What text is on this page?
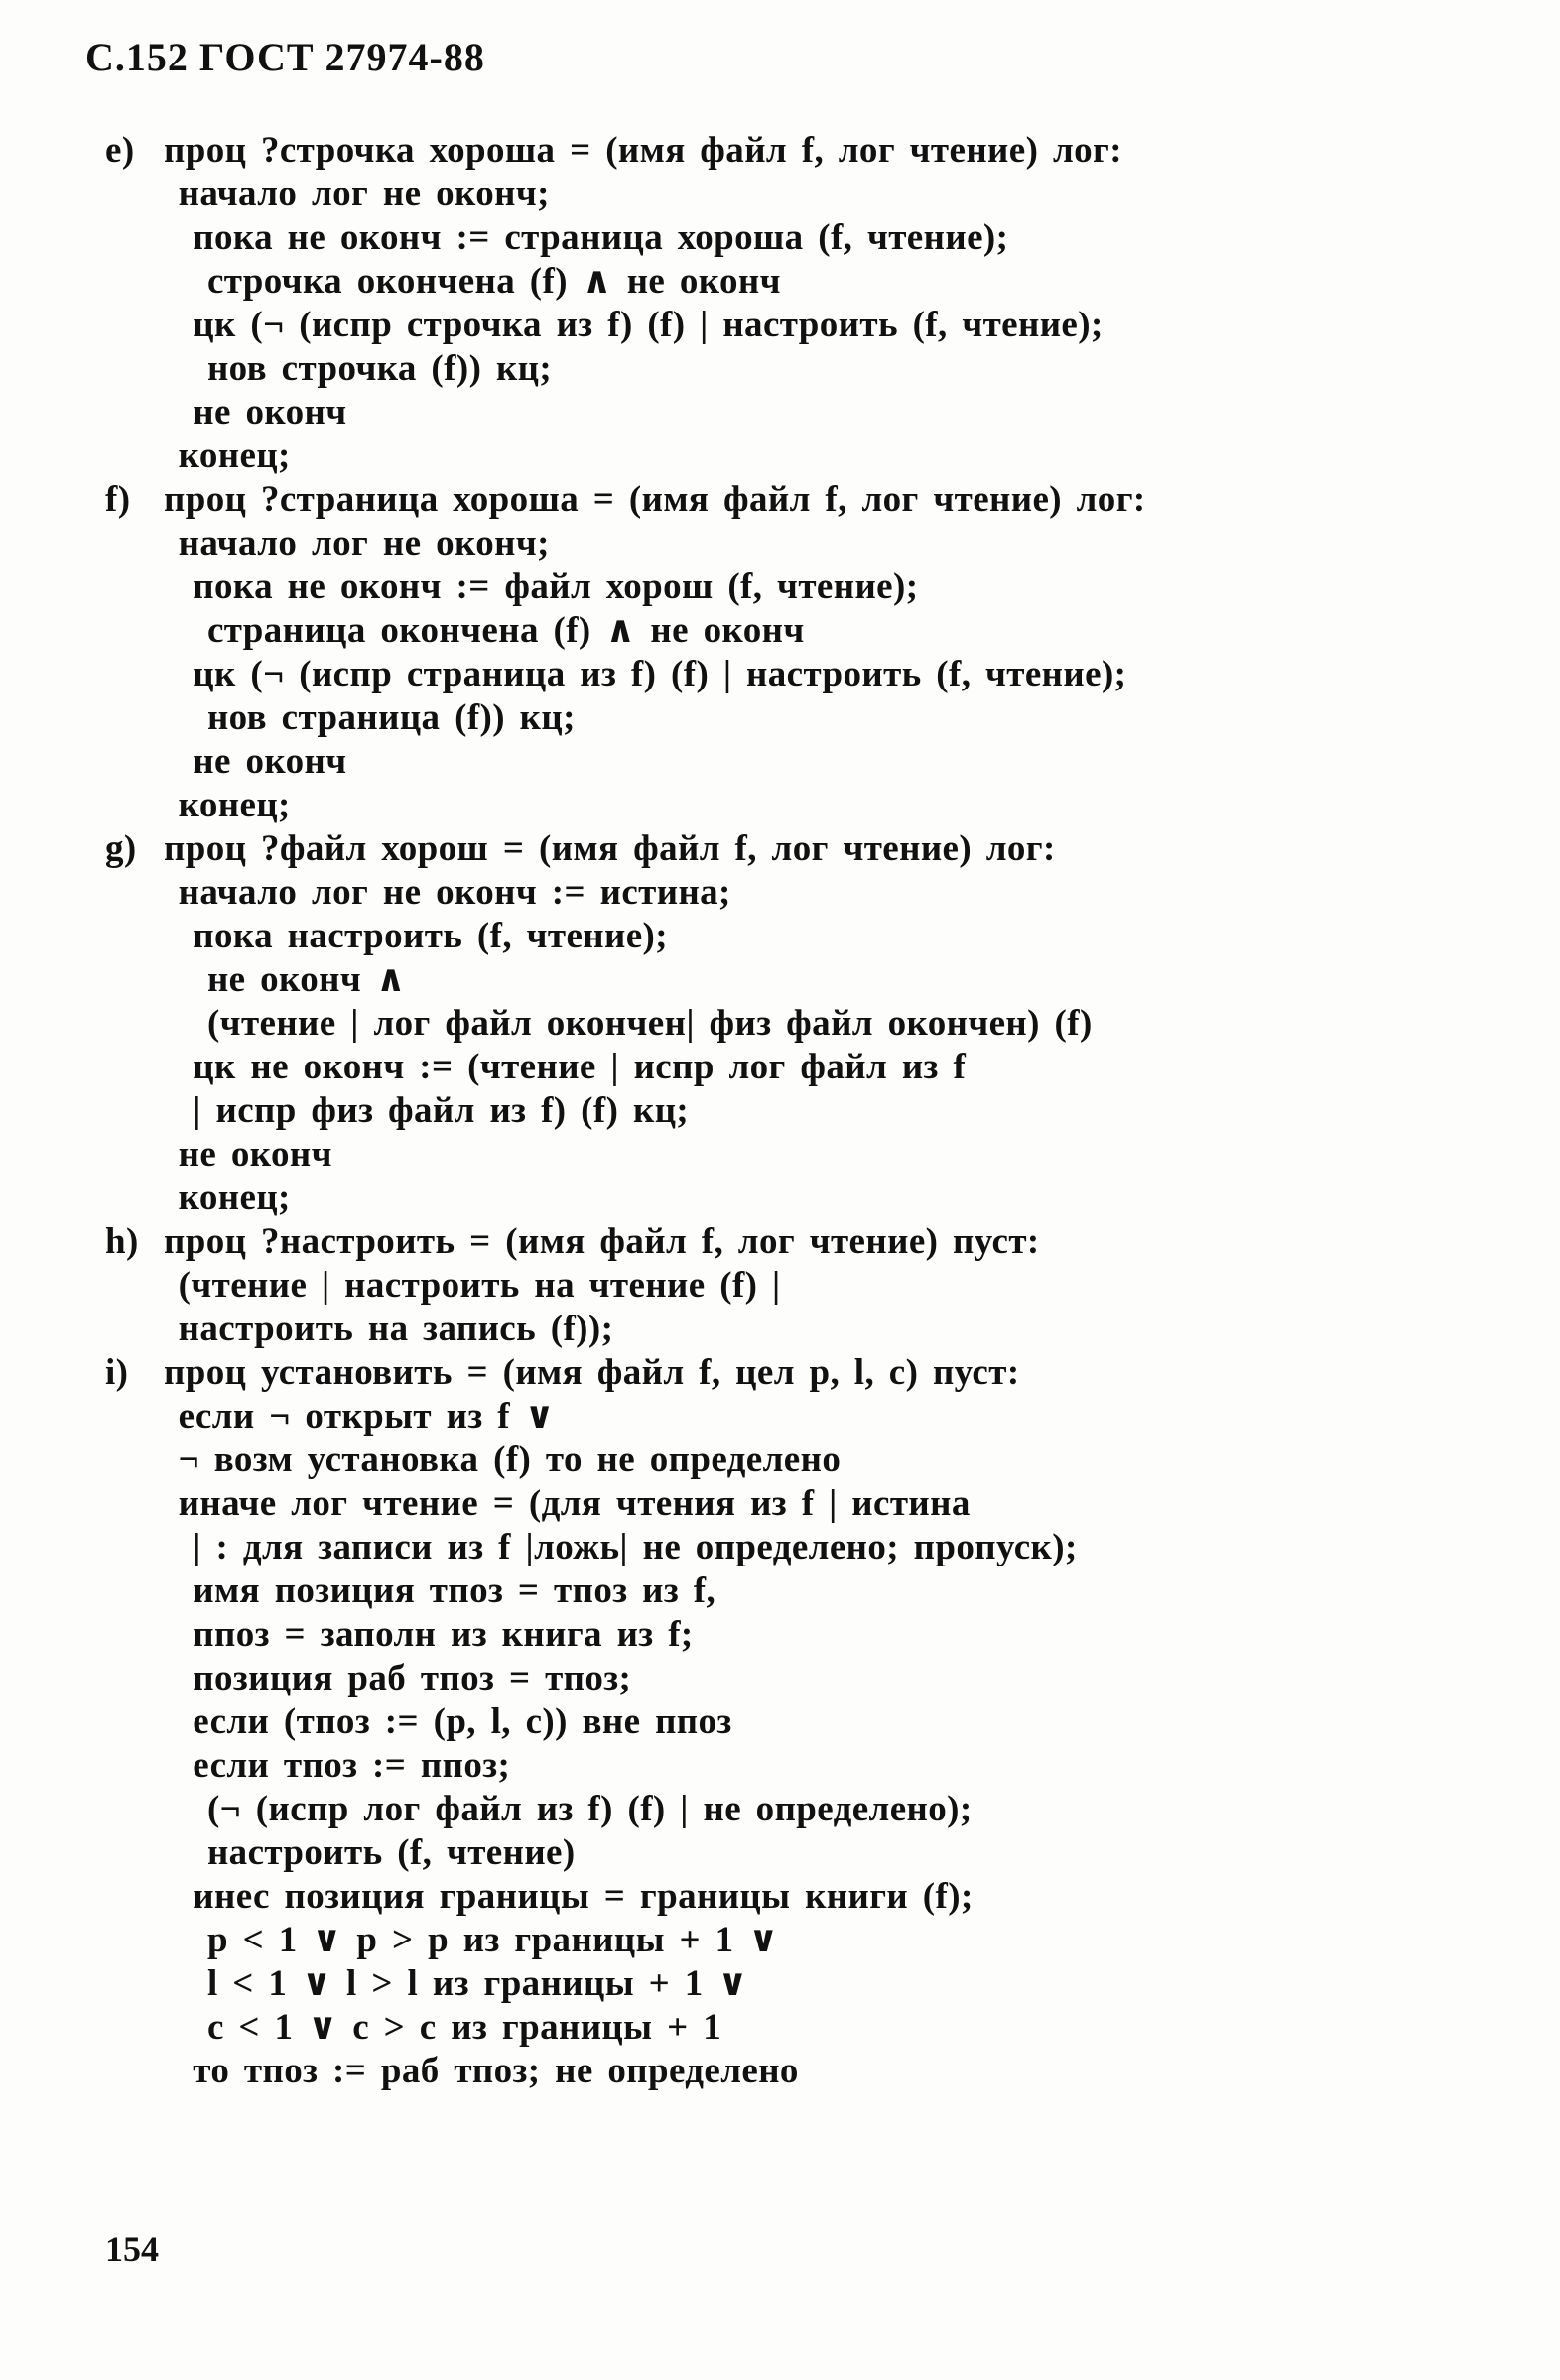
С.152 ГОСТ 27974-88
e) проц ?строчка хороша = (имя файл f, лог чтение) лог:
начало лог не оконч;
пока не оконч := страница хороша (f, чтение);
строчка окончена (f) ∧ не оконч
цк (¬ (испр строчка из f) (f) | настроить (f, чтение);
нов строчка (f)) кц;
не оконч
конец;
f) проц ?страница хороша = (имя файл f, лог чтение) лог:
начало лог не оконч;
пока не оконч := файл хорош (f, чтение);
страница окончена (f) ∧ не оконч
цк (¬ (испр страница из f) (f) | настроить (f, чтение);
нов страница (f)) кц;
не оконч
конец;
g) проц ?файл хорош = (имя файл f, лог чтение) лог:
начало лог не оконч := истина;
пока настроить (f, чтение);
не оконч ∧
(чтение | лог файл окончен| физ файл окончен) (f)
цк не оконч := (чтение | испр лог файл из f
| испр физ файл из f) (f) кц;
не оконч
конец;
h) проц ?настроить = (имя файл f, лог чтение) пуст:
(чтение | настроить на чтение (f) |
настроить на запись (f));
i) проц установить = (имя файл f, цел p, l, c) пуст:
если ¬ открыт из f ∨
¬ возм установка (f) то не определено
иначе лог чтение = (для чтения из f | истина
| : для записи из f |ложь| не определено; пропуск);
имя позиция тпоз = тпоз из f,
ппоз = заполн из книга из f;
позиция раб тпоз = тпоз;
если (тпоз := (p, l, c)) вне ппоз
если тпоз := ппоз;
(¬ (испр лог файл из f) (f) | не определено);
настроить (f, чтение)
инес позиция границы = границы книги (f);
p < 1 ∨ p > p из границы + 1 ∨
l < 1 ∨ l > l из границы + 1 ∨
c < 1 ∨ c > c из границы + 1
то тпоз := раб тпоз; не определено
154
